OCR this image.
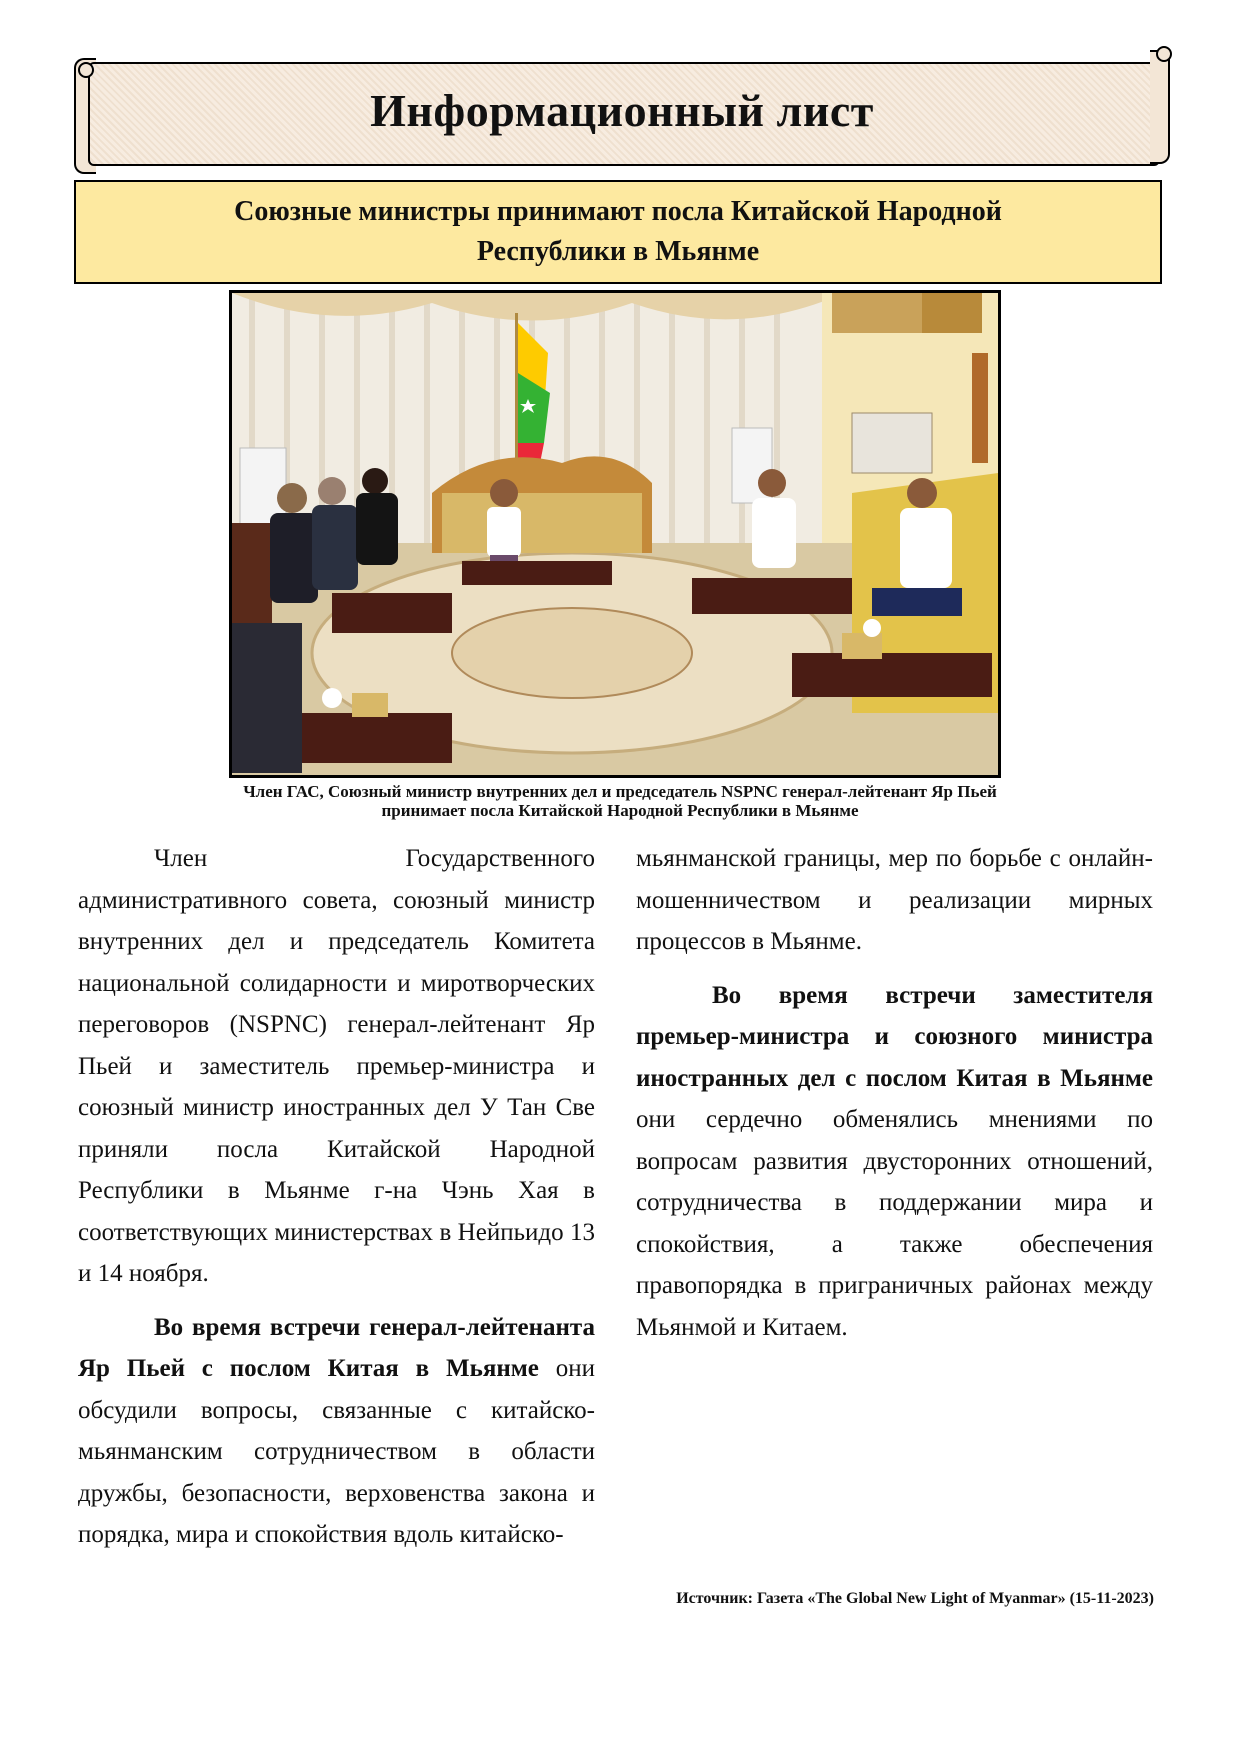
Информационный лист
Союзные министры принимают посла Китайской Народной
Республики в Мьянме
Член ГАС, Союзный министр внутренних дел и председатель NSPNC генерал-лейтенант Яр Пьей
принимает посла Китайской Народной Республики в Мьянме

Член Государственного административного совета, союзный министр внутренних дел и председатель Комитета национальной солидарности и миротворческих переговоров (NSPNC) генерал-лейтенант Яр Пьей и заместитель премьер-министра и союзный министр иностранных дел У Тан Све приняли посла Китайской Народной Республики в Мьянме г-на Чэнь Хая в соответствующих министерствах в Нейпьидо 13 и 14 ноября.

Во время встречи генерал-лейтенанта Яр Пьей с послом Китая в Мьянме они обсудили вопросы, связанные с китайско-мьянманским сотрудничеством в области дружбы, безопасности, верховенства закона и порядка, мира и спокойствия вдоль китайско-

мьянманской границы, мер по борьбе с онлайн-мошенничеством и реализации мирных процессов в Мьянме.

Во время встречи заместителя премьер-министра и союзного министра иностранных дел с послом Китая в Мьянме они сердечно обменялись мнениями по вопросам развития двусторонних отношений, сотрудничества в поддержании мира и спокойствия, а также обеспечения правопорядка в приграничных районах между Мьянмой и Китаем.

Источник: Газета «The Global New Light of Myanmar» (15-11-2023)
